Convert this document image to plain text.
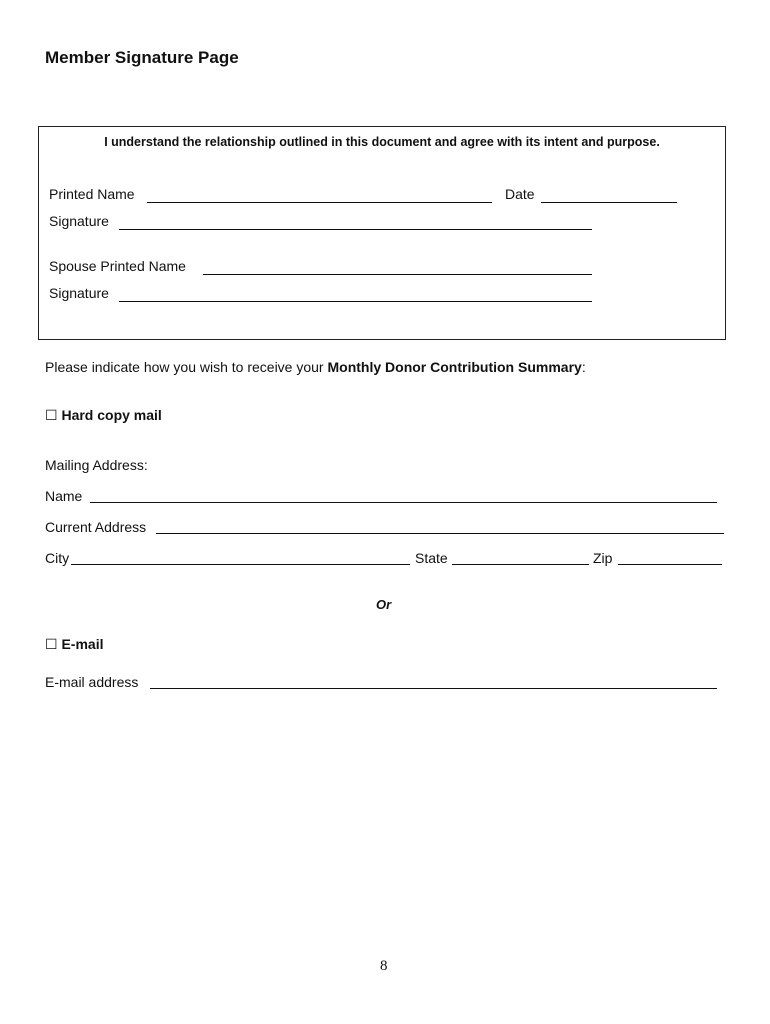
Member Signature Page
I understand the relationship outlined in this document and agree with its intent and purpose.
Printed Name	Date
Signature
Spouse Printed Name
Signature
Please indicate how you wish to receive your Monthly Donor Contribution Summary:
☐ Hard copy mail
Mailing Address:
Name
Current Address
City	State	Zip
Or
☐ E-mail
E-mail address
8
